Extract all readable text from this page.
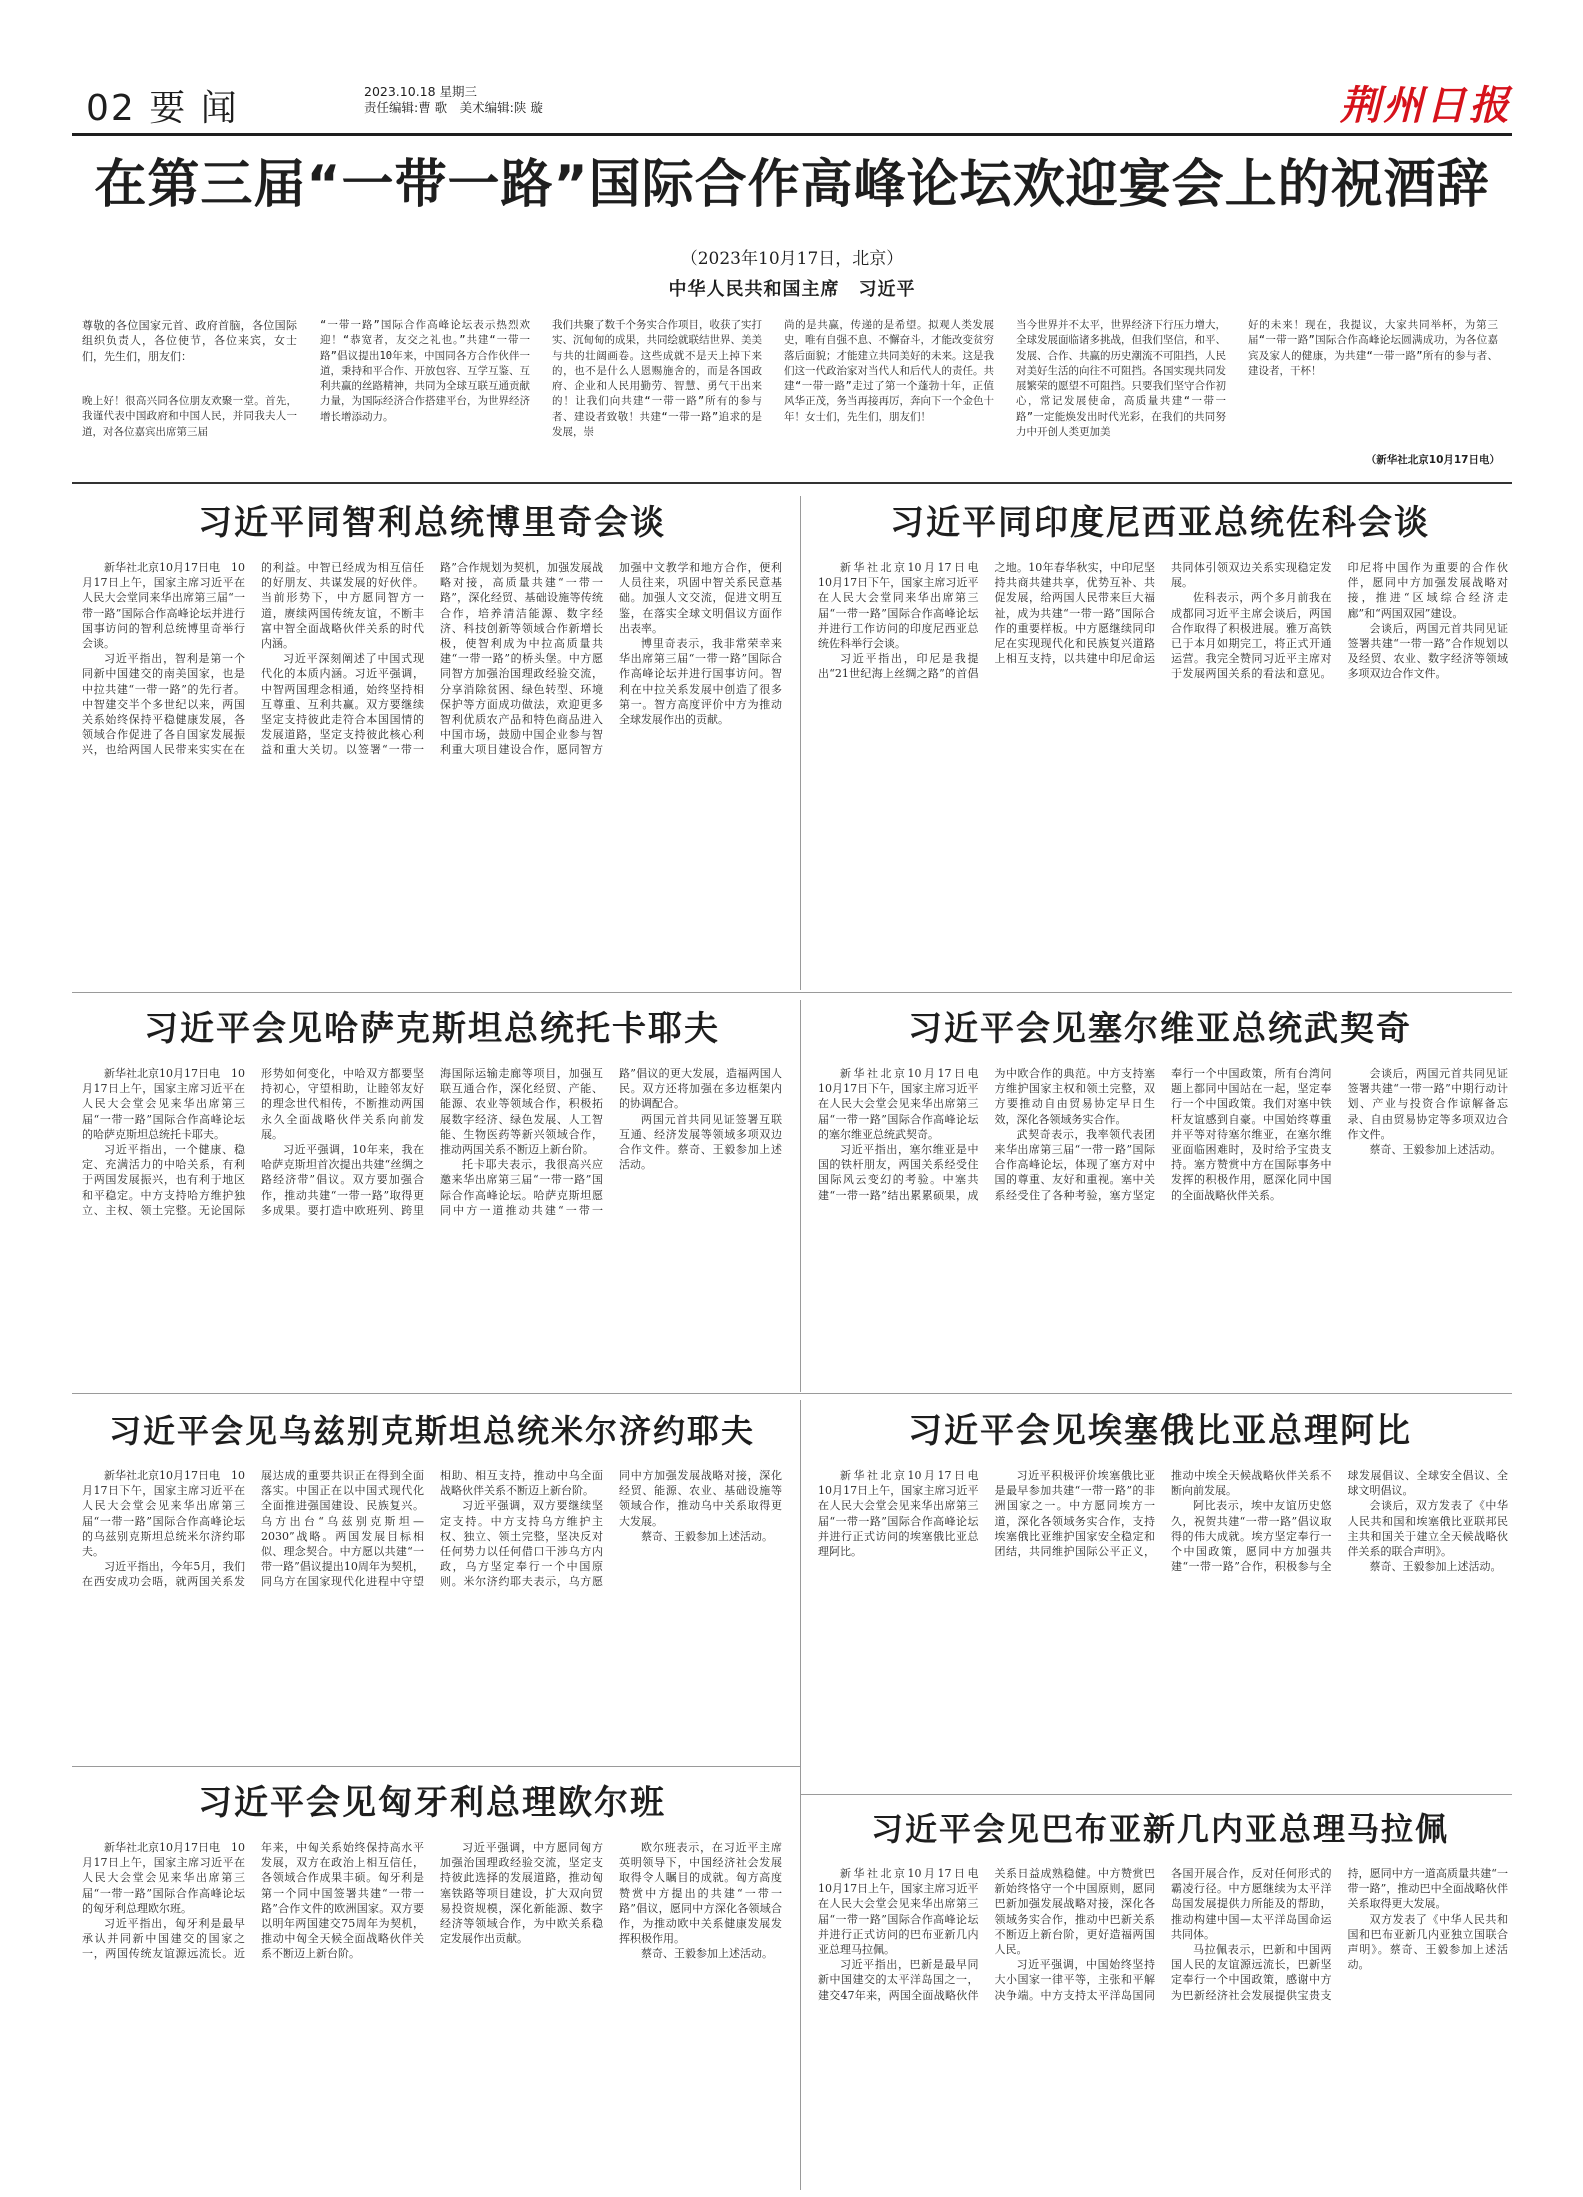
02 要 闻	2023.10.18 星期三
责任编辑:曹 歌　美术编辑:陕 璇	荆州日报
在第三届“一带一路”国际合作高峰论坛欢迎宴会上的祝酒辞
（2023年10月17日，北京）
中华人民共和国主席　习近平
尊敬的各位国家元首、政府首脑，各位国际组织负责人，各位使节，各位来宾，女士们，先生们，朋友们：
晚上好！很高兴同各位朋友欢聚一堂。首先，我谨代表中国政府和中国人民，并同我夫人一道，对各位嘉宾出席第三届
“一带一路”国际合作高峰论坛表示热烈欢迎！“恭宽者，友交之礼也。”共建“一带一路”倡议提出10年来，中国同各方合作伙伴一道，秉持和平合作、开放包容、互学互鉴、互利共赢的丝路精神，共同为全球互联互通贡献力量，为国际经济合作搭建平台，为世界经济增长增添动力。
我们共聚了数千个务实合作项目，收获了实打实、沉甸甸的成果，共同绘就联结世界、美美与共的壮阔画卷。这些成就不是天上掉下来的，也不是什么人恩赐施舍的，而是各国政府、企业和人民用勤劳、智慧、勇气干出来的！让我们向共建“一带一路”所有的参与者、建设者致敬！共建“一带一路”追求的是发展，崇
尚的是共赢，传递的是希望。拟观人类发展史，唯有自强不息、不懈奋斗，才能改变贫穷落后面貌；才能建立共同美好的未来。这是我们这一代政治家对当代人和后代人的责任。共建“一带一路”走过了第一个蓬勃十年，正值风华正茂，务当再接再厉，奔向下一个金色十年！女士们，先生们，朋友们！
当今世界并不太平，世界经济下行压力增大，全球发展面临诸多挑战，但我们坚信，和平、发展、合作、共赢的历史潮流不可阻挡，人民对美好生活的向往不可阻挡。各国实现共同发展繁荣的愿望不可阻挡。只要我们坚守合作初心，常记发展使命，高质量共建“一带一路”一定能焕发出时代光彩，在我们的共同努力中开创人类更加美
好的未来！现在，我提议，大家共同举杯，为第三届“一带一路”国际合作高峰论坛圆满成功，为各位嘉宾及家人的健康，为共建“一带一路”所有的参与者、建设者，干杯！
（新华社北京10月17日电）
习近平同智利总统博里奇会谈

新华社北京10月17日电　10月17日上午，国家主席习近平在人民大会堂同来华出席第三届“一带一路”国际合作高峰论坛并进行国事访问的智利总统博里奇举行会谈。

习近平指出，智利是第一个同新中国建交的南美国家，也是中拉共建“一带一路”的先行者。中智建交半个多世纪以来，两国关系始终保持平稳健康发展，各领域合作促进了各自国家发展振兴，也给两国人民带来实实在在的利益。中智已经成为相互信任的好朋友、共谋发展的好伙伴。当前形势下，中方愿同智方一道，赓续两国传统友谊，不断丰富中智全面战略伙伴关系的时代内涵。

习近平深刻阐述了中国式现代化的本质内涵。习近平强调，中智两国理念相通，始终坚持相互尊重、互利共赢。双方要继续坚定支持彼此走符合本国国情的发展道路，坚定支持彼此核心利益和重大关切。以签署“一带一路”合作规划为契机，加强发展战略对接，高质量共建“一带一路”，深化经贸、基础设施等传统合作，培养清洁能源、数字经济、科技创新等领域合作新增长极，使智利成为中拉高质量共建“一带一路”的桥头堡。中方愿同智方加强治国理政经验交流，分享消除贫困、绿色转型、环境保护等方面成功做法，欢迎更多智利优质农产品和特色商品进入中国市场，鼓励中国企业参与智利重大项目建设合作，愿同智方加强中文教学和地方合作，便利人员往来，巩固中智关系民意基础。加强人文交流，促进文明互鉴，在落实全球文明倡议方面作出表率。

博里奇表示，我非常荣幸来华出席第三届“一带一路”国际合作高峰论坛并进行国事访问。智利在中拉关系发展中创造了很多第一。智方高度评价中方为推动全球发展作出的贡献。

习近平同印度尼西亚总统佐科会谈

新华社北京10月17日电　10月17日下午，国家主席习近平在人民大会堂同来华出席第三届“一带一路”国际合作高峰论坛并进行工作访问的印度尼西亚总统佐科举行会谈。

习近平指出，印尼是我提出“21世纪海上丝绸之路”的首倡之地。10年春华秋实，中印尼坚持共商共建共享，优势互补、共促发展，给两国人民带来巨大福祉，成为共建“一带一路”国际合作的重要样板。中方愿继续同印尼在实现现代化和民族复兴道路上相互支持，以共建中印尼命运共同体引领双边关系实现稳定发展。

佐科表示，两个多月前我在成都同习近平主席会谈后，两国合作取得了积极进展。雅万高铁已于本月如期完工，将正式开通运营。我完全赞同习近平主席对于发展两国关系的看法和意见。印尼将中国作为重要的合作伙伴，愿同中方加强发展战略对接，推进“区域综合经济走廊”和“两国双园”建设。

会谈后，两国元首共同见证签署共建“一带一路”合作规划以及经贸、农业、数字经济等领域多项双边合作文件。

习近平会见哈萨克斯坦总统托卡耶夫

新华社北京10月17日电　10月17日上午，国家主席习近平在人民大会堂会见来华出席第三届“一带一路”国际合作高峰论坛的哈萨克斯坦总统托卡耶夫。

习近平指出，一个健康、稳定、充满活力的中哈关系，有利于两国发展振兴，也有利于地区和平稳定。中方支持哈方维护独立、主权、领土完整。无论国际形势如何变化，中哈双方都要坚持初心，守望相助，让睦邻友好的理念世代相传，不断推动两国永久全面战略伙伴关系向前发展。

习近平强调，10年来，我在哈萨克斯坦首次提出共建“丝绸之路经济带”倡议。双方要加强合作，推动共建“一带一路”取得更多成果。要打造中欧班列、跨里海国际运输走廊等项目，加强互联互通合作，深化经贸、产能、能源、农业等领域合作，积极拓展数字经济、绿色发展、人工智能、生物医药等新兴领域合作，推动两国关系不断迈上新台阶。

托卡耶夫表示，我很高兴应邀来华出席第三届“一带一路”国际合作高峰论坛。哈萨克斯坦愿同中方一道推动共建“一带一路”倡议的更大发展，造福两国人民。双方还将加强在多边框架内的协调配合。

两国元首共同见证签署互联互通、经济发展等领域多项双边合作文件。蔡奇、王毅参加上述活动。

习近平会见塞尔维亚总统武契奇

新华社北京10月17日电　10月17日下午，国家主席习近平在人民大会堂会见来华出席第三届“一带一路”国际合作高峰论坛的塞尔维亚总统武契奇。

习近平指出，塞尔维亚是中国的铁杆朋友，两国关系经受住国际风云变幻的考验。中塞共建“一带一路”结出累累硕果，成为中欧合作的典范。中方支持塞方维护国家主权和领土完整，双方要推动自由贸易协定早日生效，深化各领域务实合作。

武契奇表示，我率领代表团来华出席第三届“一带一路”国际合作高峰论坛，体现了塞方对中国的尊重、友好和重视。塞中关系经受住了各种考验，塞方坚定奉行一个中国政策，所有台湾问题上都同中国站在一起，坚定奉行一个中国政策。我们对塞中铁杆友谊感到自豪。中国始终尊重并平等对待塞尔维亚，在塞尔维亚面临困难时，及时给予宝贵支持。塞方赞赏中方在国际事务中发挥的积极作用，愿深化同中国的全面战略伙伴关系。

会谈后，两国元首共同见证签署共建“一带一路”中期行动计划、产业与投资合作谅解备忘录、自由贸易协定等多项双边合作文件。

蔡奇、王毅参加上述活动。

习近平会见乌兹别克斯坦总统米尔济约耶夫

新华社北京10月17日电　10月17日下午，国家主席习近平在人民大会堂会见来华出席第三届“一带一路”国际合作高峰论坛的乌兹别克斯坦总统米尔济约耶夫。

习近平指出，今年5月，我们在西安成功会晤，就两国关系发展达成的重要共识正在得到全面落实。中国正在以中国式现代化全面推进强国建设、民族复兴。乌方出台“乌兹别克斯坦—2030”战略。两国发展目标相似、理念契合。中方愿以共建“一带一路”倡议提出10周年为契机，同乌方在国家现代化进程中守望相助、相互支持，推动中乌全面战略伙伴关系不断迈上新台阶。

习近平强调，双方要继续坚定支持。中方支持乌方维护主权、独立、领土完整，坚决反对任何势力以任何借口干涉乌方内政，乌方坚定奉行一个中国原则。米尔济约耶夫表示，乌方愿同中方加强发展战略对接，深化经贸、能源、农业、基础设施等领域合作，推动乌中关系取得更大发展。

蔡奇、王毅参加上述活动。

习近平会见埃塞俄比亚总理阿比

新华社北京10月17日电　10月17日上午，国家主席习近平在人民大会堂会见来华出席第三届“一带一路”国际合作高峰论坛并进行正式访问的埃塞俄比亚总理阿比。

习近平积极评价埃塞俄比亚是最早参加共建“一带一路”的非洲国家之一。中方愿同埃方一道，深化各领域务实合作，支持埃塞俄比亚维护国家安全稳定和团结，共同维护国际公平正义，推动中埃全天候战略伙伴关系不断向前发展。

阿比表示，埃中友谊历史悠久，祝贺共建“一带一路”倡议取得的伟大成就。埃方坚定奉行一个中国政策，愿同中方加强共建“一带一路”合作，积极参与全球发展倡议、全球安全倡议、全球文明倡议。

会谈后，双方发表了《中华人民共和国和埃塞俄比亚联邦民主共和国关于建立全天候战略伙伴关系的联合声明》。

蔡奇、王毅参加上述活动。

习近平会见匈牙利总理欧尔班

新华社北京10月17日电　10月17日上午，国家主席习近平在人民大会堂会见来华出席第三届“一带一路”国际合作高峰论坛的匈牙利总理欧尔班。

习近平指出，匈牙利是最早承认并同新中国建交的国家之一，两国传统友谊源远流长。近年来，中匈关系始终保持高水平发展，双方在政治上相互信任，各领域合作成果丰硕。匈牙利是第一个同中国签署共建“一带一路”合作文件的欧洲国家。双方要以明年两国建交75周年为契机，推动中匈全天候全面战略伙伴关系不断迈上新台阶。

习近平强调，中方愿同匈方加强治国理政经验交流，坚定支持彼此选择的发展道路，推动匈塞铁路等项目建设，扩大双向贸易投资规模，深化新能源、数字经济等领域合作，为中欧关系稳定发展作出贡献。

欧尔班表示，在习近平主席英明领导下，中国经济社会发展取得令人瞩目的成就。匈方高度赞赏中方提出的共建“一带一路”倡议，愿同中方深化各领域合作，为推动欧中关系健康发展发挥积极作用。

蔡奇、王毅参加上述活动。

习近平会见巴布亚新几内亚总理马拉佩

新华社北京10月17日电　10月17日上午，国家主席习近平在人民大会堂会见来华出席第三届“一带一路”国际合作高峰论坛并进行正式访问的巴布亚新几内亚总理马拉佩。

习近平指出，巴新是最早同新中国建交的太平洋岛国之一，建交47年来，两国全面战略伙伴关系日益成熟稳健。中方赞赏巴新始终恪守一个中国原则，愿同巴新加强发展战略对接，深化各领域务实合作，推动中巴新关系不断迈上新台阶，更好造福两国人民。

习近平强调，中国始终坚持大小国家一律平等，主张和平解决争端。中方支持太平洋岛国同各国开展合作，反对任何形式的霸凌行径。中方愿继续为太平洋岛国发展提供力所能及的帮助，推动构建中国—太平洋岛国命运共同体。

马拉佩表示，巴新和中国两国人民的友谊源远流长，巴新坚定奉行一个中国政策，感谢中方为巴新经济社会发展提供宝贵支持，愿同中方一道高质量共建“一带一路”，推动巴中全面战略伙伴关系取得更大发展。

双方发表了《中华人民共和国和巴布亚新几内亚独立国联合声明》。蔡奇、王毅参加上述活动。
